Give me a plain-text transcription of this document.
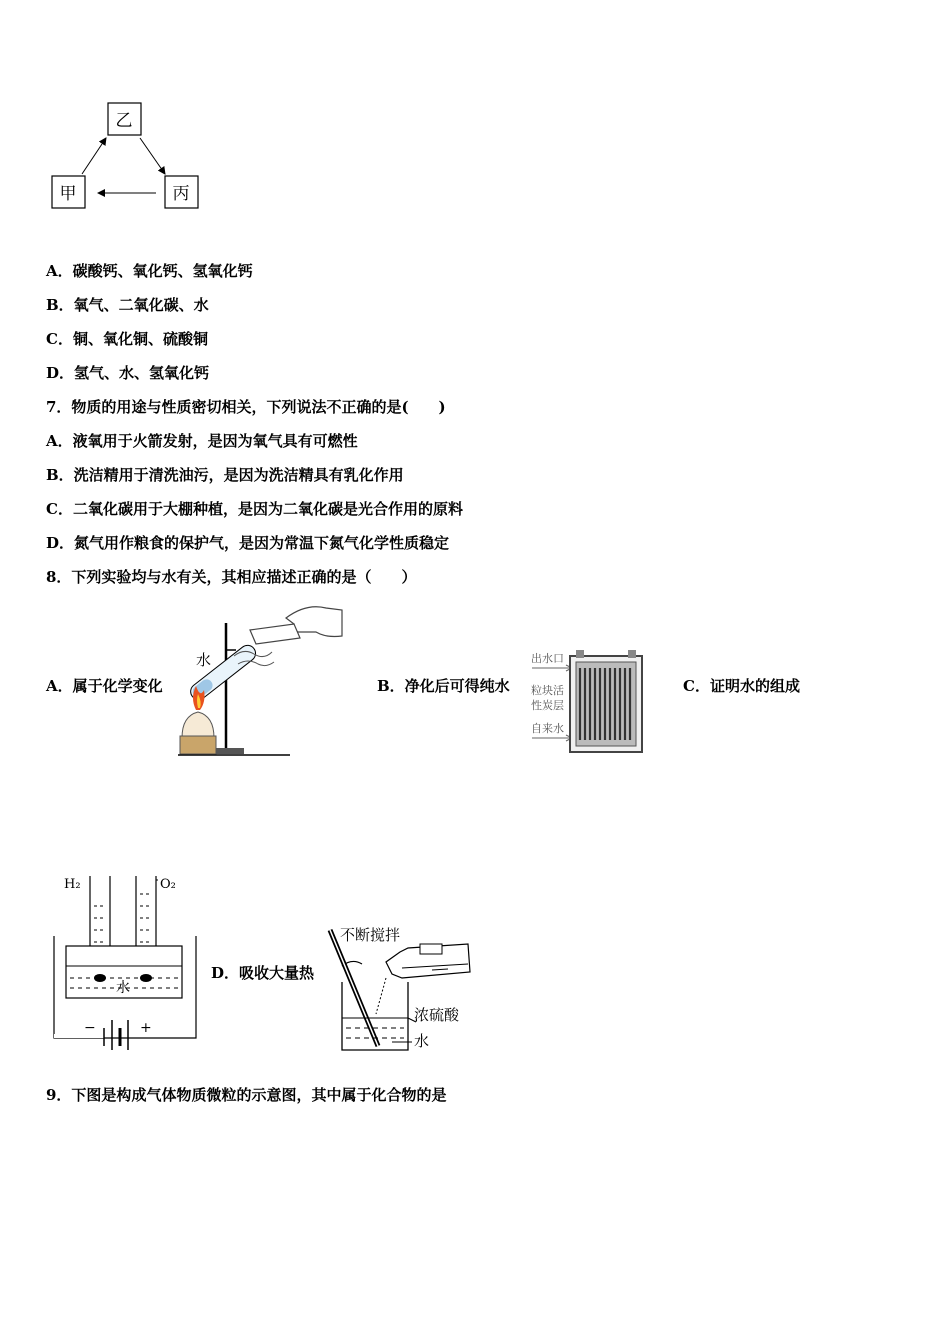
乙
甲	丙
A．碳酸钙、氧化钙、氢氧化钙
B．氧气、二氧化碳、水
C．铜、氧化铜、硫酸铜
D．氢气、水、氢氧化钙
7．物质的用途与性质密切相关，下列说法不正确的是(　　)
A．液氧用于火箭发射，是因为氧气具有可燃性
B．洗洁精用于清洗油污，是因为洗洁精具有乳化作用
C．二氧化碳用于大棚种植，是因为二氧化碳是光合作用的原料
D．氮气用作粮食的保护气，是因为常温下氮气化学性质稳定
8．下列实验均与水有关，其相应描述正确的是（　　）
A．属于化学变化
水
B．净化后可得纯水
出水口
粒块活
性炭层
自来水
C．证明水的组成
H₂	O₂
水
−	+
D．吸收大量热
不断搅拌
浓硫酸
水
9．下图是构成气体物质微粒的示意图，其中属于化合物的是
